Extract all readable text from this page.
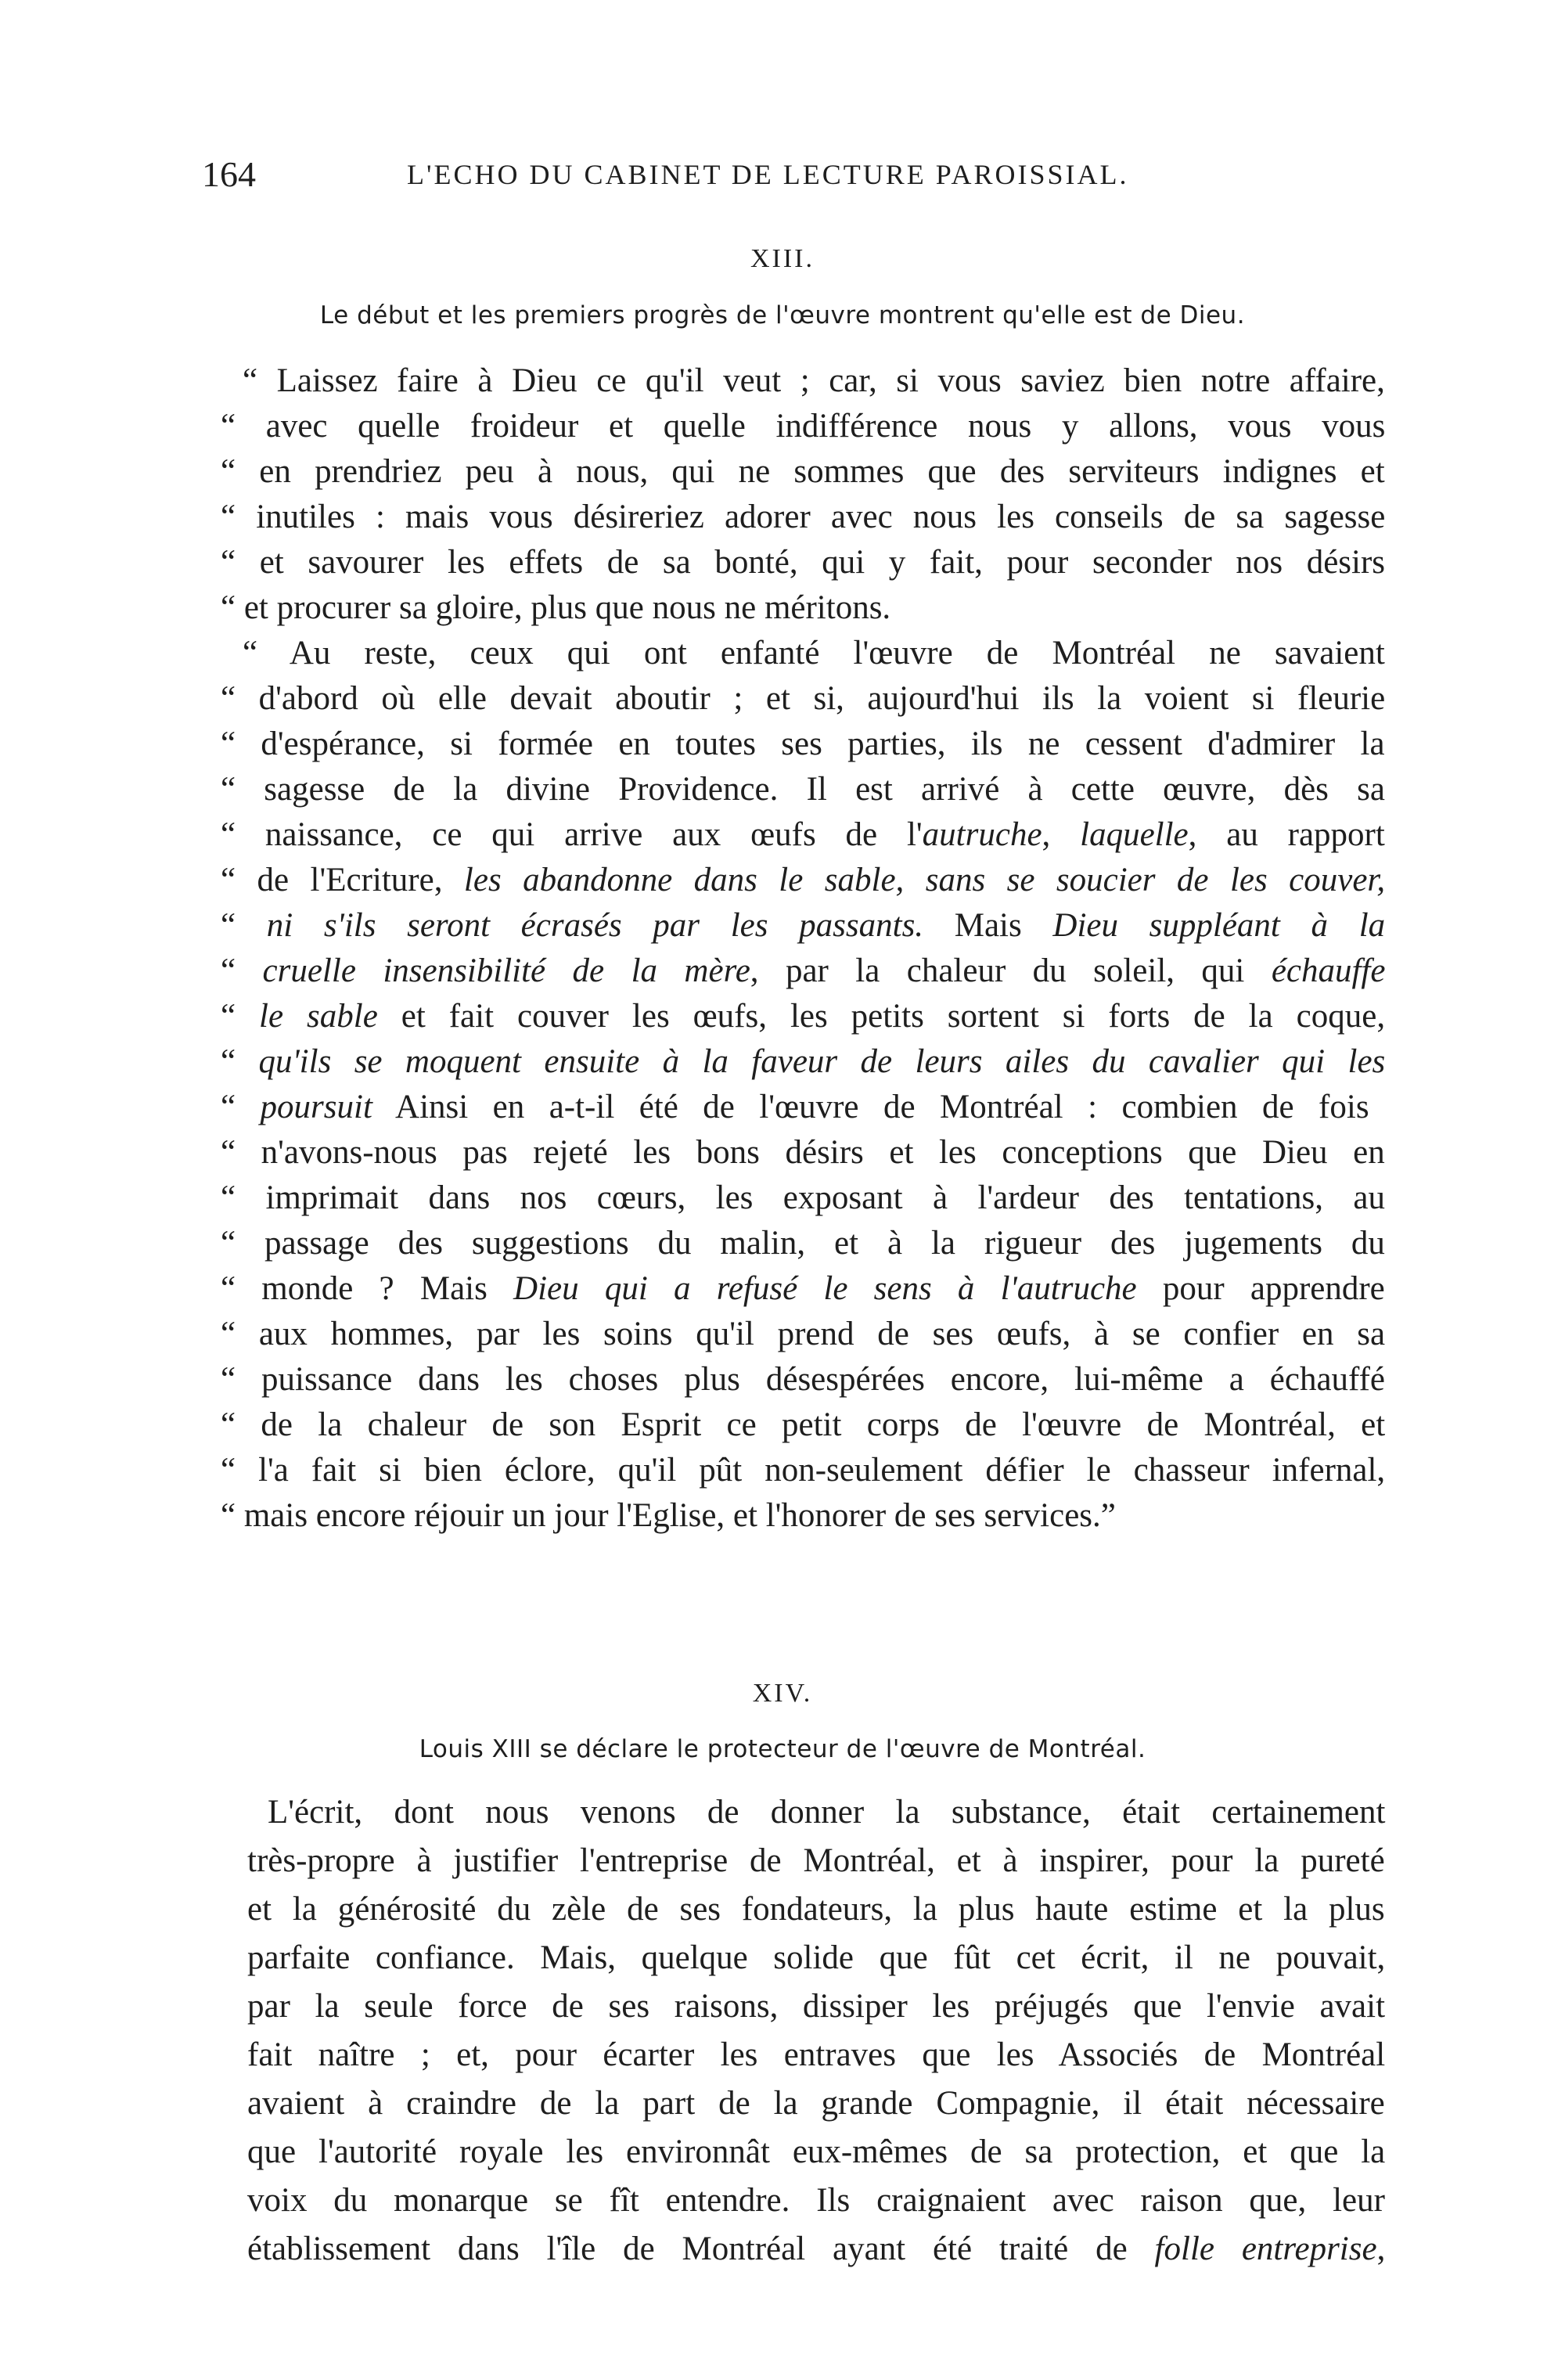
164	L'ECHO DU CABINET DE LECTURE PAROISSIAL.
XIII.
Le début et les premiers progrès de l'œuvre montrent qu'elle est de Dieu.
“ Laissez faire à Dieu ce qu'il veut ; car, si vous saviez bien notre affaire,
“ avec quelle froideur et quelle indifférence nous y allons, vous vous
“ en prendriez peu à nous, qui ne sommes que des serviteurs indignes et
“ inutiles : mais vous désireriez adorer avec nous les conseils de sa sagesse
“ et savourer les effets de sa bonté, qui y fait, pour seconder nos désirs
“ et procurer sa gloire, plus que nous ne méritons.
“ Au reste, ceux qui ont enfanté l'œuvre de Montréal ne savaient
“ d'abord où elle devait aboutir ; et si, aujourd'hui ils la voient si fleurie
“ d'espérance, si formée en toutes ses parties, ils ne cessent d'admirer la
“ sagesse de la divine Providence. Il est arrivé à cette œuvre, dès sa
“ naissance, ce qui arrive aux œufs de l'autruche, laquelle, au rapport
“ de l'Ecriture, les abandonne dans le sable, sans se soucier de les couver,
“ ni s'ils seront écrasés par les passants. Mais Dieu suppléant à la
“ cruelle insensibilité de la mère, par la chaleur du soleil, qui échauffe
“ le sable et fait couver les œufs, les petits sortent si forts de la coque,
“ qu'ils se moquent ensuite à la faveur de leurs ailes du cavalier qui les
“ poursuit Ainsi en a-t-il été de l'œuvre de Montréal : combien de fois
“ n'avons-nous pas rejeté les bons désirs et les conceptions que Dieu en
“ imprimait dans nos cœurs, les exposant à l'ardeur des tentations, au
“ passage des suggestions du malin, et à la rigueur des jugements du
“ monde ? Mais Dieu qui a refusé le sens à l'autruche pour apprendre
“ aux hommes, par les soins qu'il prend de ses œufs, à se confier en sa
“ puissance dans les choses plus désespérées encore, lui-même a échauffé
“ de la chaleur de son Esprit ce petit corps de l'œuvre de Montréal, et
“ l'a fait si bien éclore, qu'il pût non-seulement défier le chasseur infernal,
“ mais encore réjouir un jour l'Eglise, et l'honorer de ses services.”
XIV.
Louis XIII se déclare le protecteur de l'œuvre de Montréal.
L'écrit, dont nous venons de donner la substance, était certainement
très-propre à justifier l'entreprise de Montréal, et à inspirer, pour la pureté
et la générosité du zèle de ses fondateurs, la plus haute estime et la plus
parfaite confiance. Mais, quelque solide que fût cet écrit, il ne pouvait,
par la seule force de ses raisons, dissiper les préjugés que l'envie avait
fait naître ; et, pour écarter les entraves que les Associés de Montréal
avaient à craindre de la part de la grande Compagnie, il était nécessaire
que l'autorité royale les environnât eux-mêmes de sa protection, et que la
voix du monarque se fît entendre. Ils craignaient avec raison que, leur
établissement dans l'île de Montréal ayant été traité de folle entreprise,
